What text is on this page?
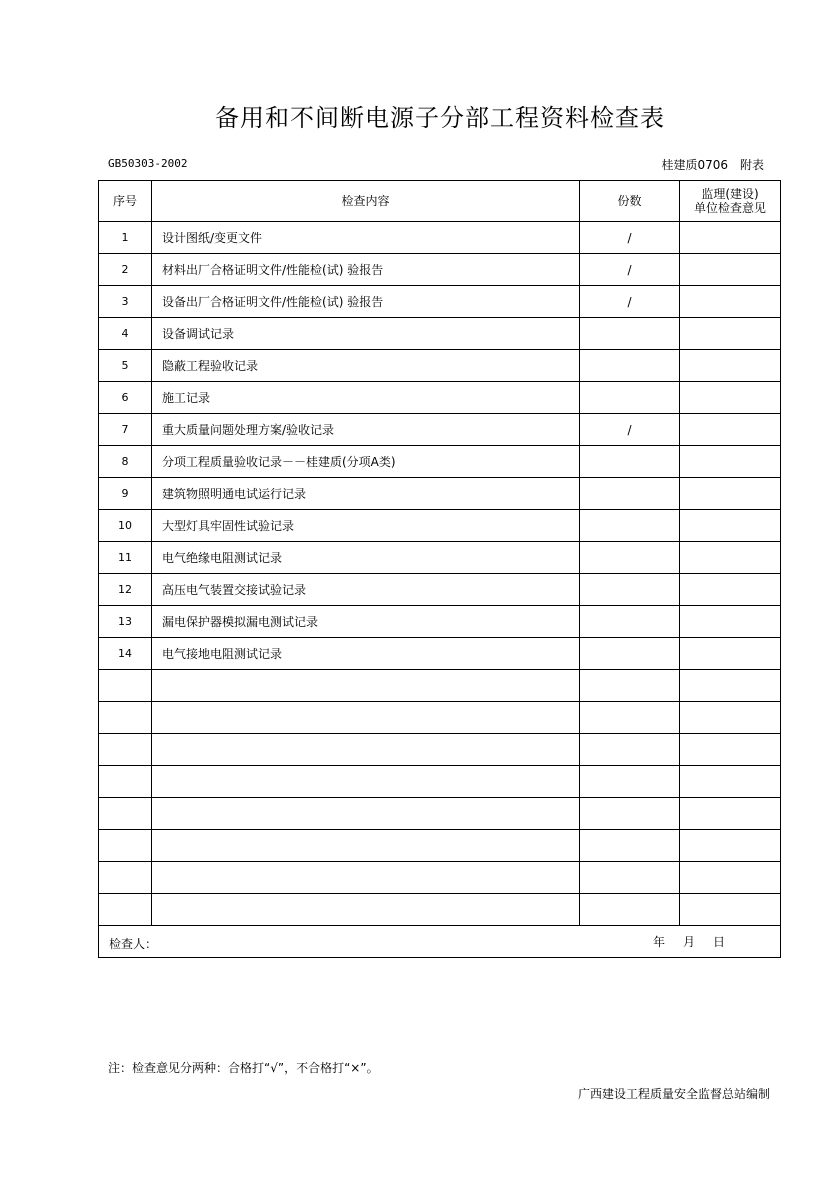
备用和不间断电源子分部工程资料检查表
GB50303-2002	桂建质0706　附表
序号	检查内容	份数	监理(建设)
单位检查意见

1	设计图纸/变更文件	/	
2	材料出厂合格证明文件/性能检(试) 验报告	/	
3	设备出厂合格证明文件/性能检(试) 验报告	/	
4	设备调试记录		
5	隐蔽工程验收记录		
6	施工记录		
7	重大质量问题处理方案/验收记录	/	
8	分项工程质量验收记录－－桂建质(分项A类)		
9	建筑物照明通电试运行记录		
10	大型灯具牢固性试验记录		
11	电气绝缘电阻测试记录		
12	高压电气装置交接试验记录		
13	漏电保护器模拟漏电测试记录		
14	电气接地电阻测试记录		

检查人： 年　月　日			
注：检查意见分两种：合格打“√”，不合格打“×”。
广西建设工程质量安全监督总站编制
